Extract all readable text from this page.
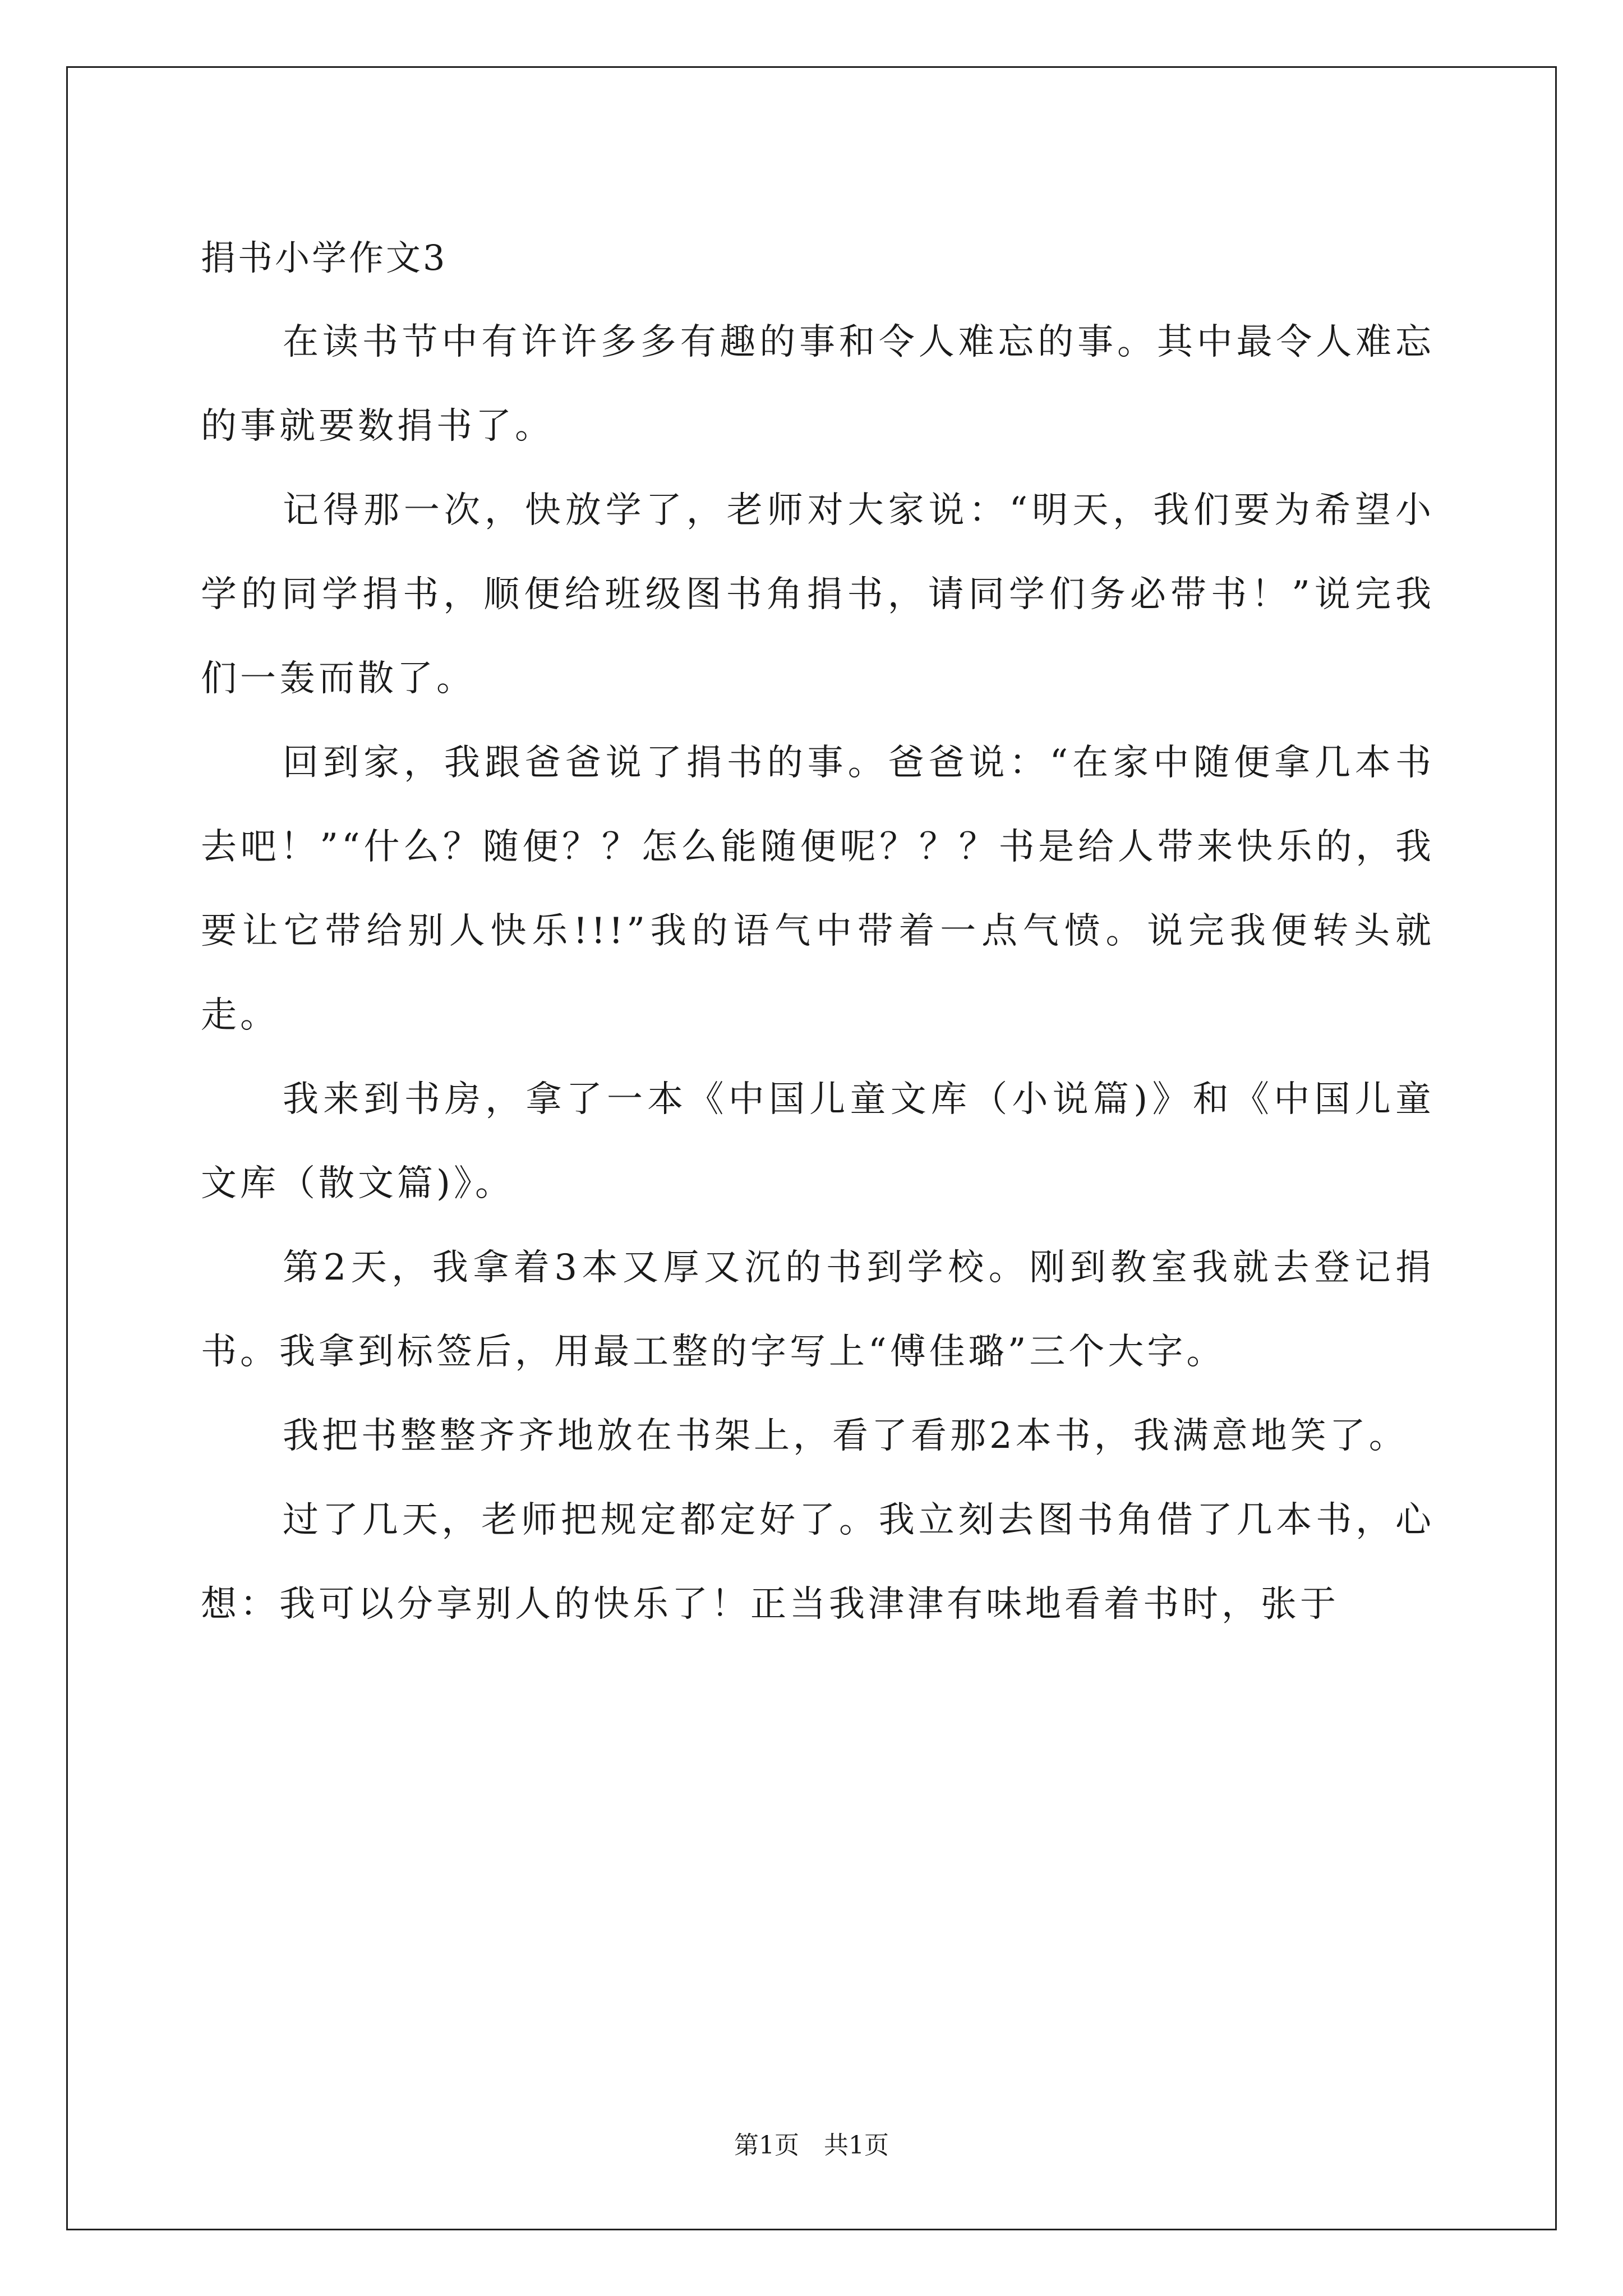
捐书小学作文3

在读书节中有许许多多有趣的事和令人难忘的事。其中最令人难忘的事就要数捐书了。

记得那一次，快放学了，老师对大家说：“明天，我们要为希望小学的同学捐书，顺便给班级图书角捐书，请同学们务必带书！”说完我们一轰而散了。

回到家，我跟爸爸说了捐书的事。爸爸说：“在家中随便拿几本书去吧！”“什么？随便？？怎么能随便呢？？？书是给人带来快乐的，我要让它带给别人快乐!!!”我的语气中带着一点气愤。说完我便转头就走。

我来到书房，拿了一本《中国儿童文库（小说篇)》和《中国儿童文库（散文篇)》。

第2天，我拿着3本又厚又沉的书到学校。刚到教室我就去登记捐书。我拿到标签后，用最工整的字写上“傅佳璐”三个大字。

我把书整整齐齐地放在书架上，看了看那2本书，我满意地笑了。

过了几天，老师把规定都定好了。我立刻去图书角借了几本书，心想：我可以分享别人的快乐了！正当我津津有味地看着书时，张于

第1页　共1页
